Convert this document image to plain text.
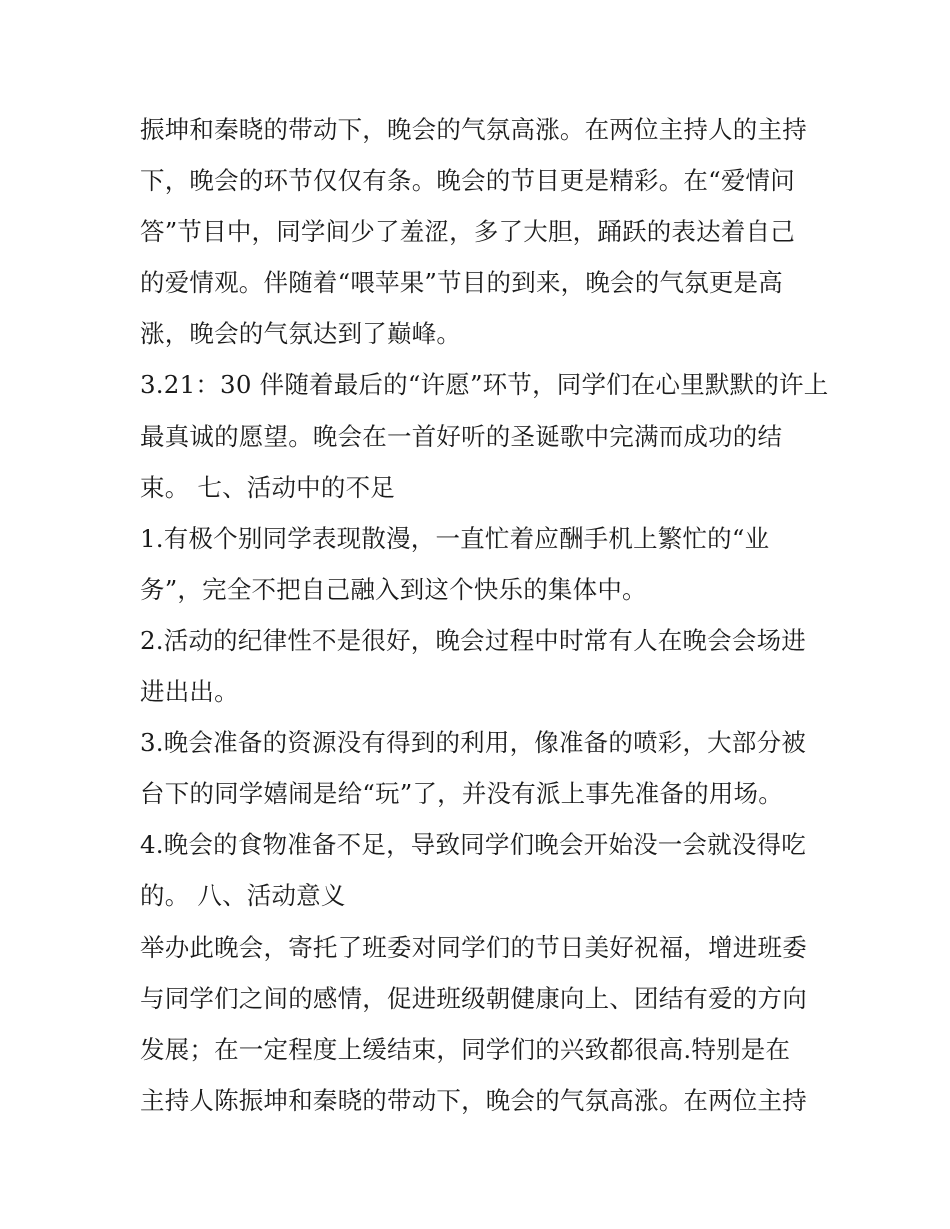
振坤和秦晓的带动下，晚会的气氛高涨。在两位主持人的主持
下，晚会的环节仅仅有条。晚会的节目更是精彩。在“爱情问
答”节目中，同学间少了羞涩，多了大胆，踊跃的表达着自己
的爱情观。伴随着“喂苹果”节目的到来，晚会的气氛更是高
涨，晚会的气氛达到了巅峰。
3.21：30 伴随着最后的“许愿”环节，同学们在心里默默的许上
最真诚的愿望。晚会在一首好听的圣诞歌中完满而成功的结
束。 七、活动中的不足
1.有极个别同学表现散漫，一直忙着应酬手机上繁忙的“业
务”，完全不把自己融入到这个快乐的集体中。
2.活动的纪律性不是很好，晚会过程中时常有人在晚会会场进
进出出。
3.晚会准备的资源没有得到的利用，像准备的喷彩，大部分被
台下的同学嬉闹是给“玩”了，并没有派上事先准备的用场。
4.晚会的食物准备不足，导致同学们晚会开始没一会就没得吃
的。 八、活动意义
举办此晚会，寄托了班委对同学们的节日美好祝福，增进班委
与同学们之间的感情，促进班级朝健康向上、团结有爱的方向
发展；在一定程度上缓结束，同学们的兴致都很高.特别是在
主持人陈振坤和秦晓的带动下，晚会的气氛高涨。在两位主持
